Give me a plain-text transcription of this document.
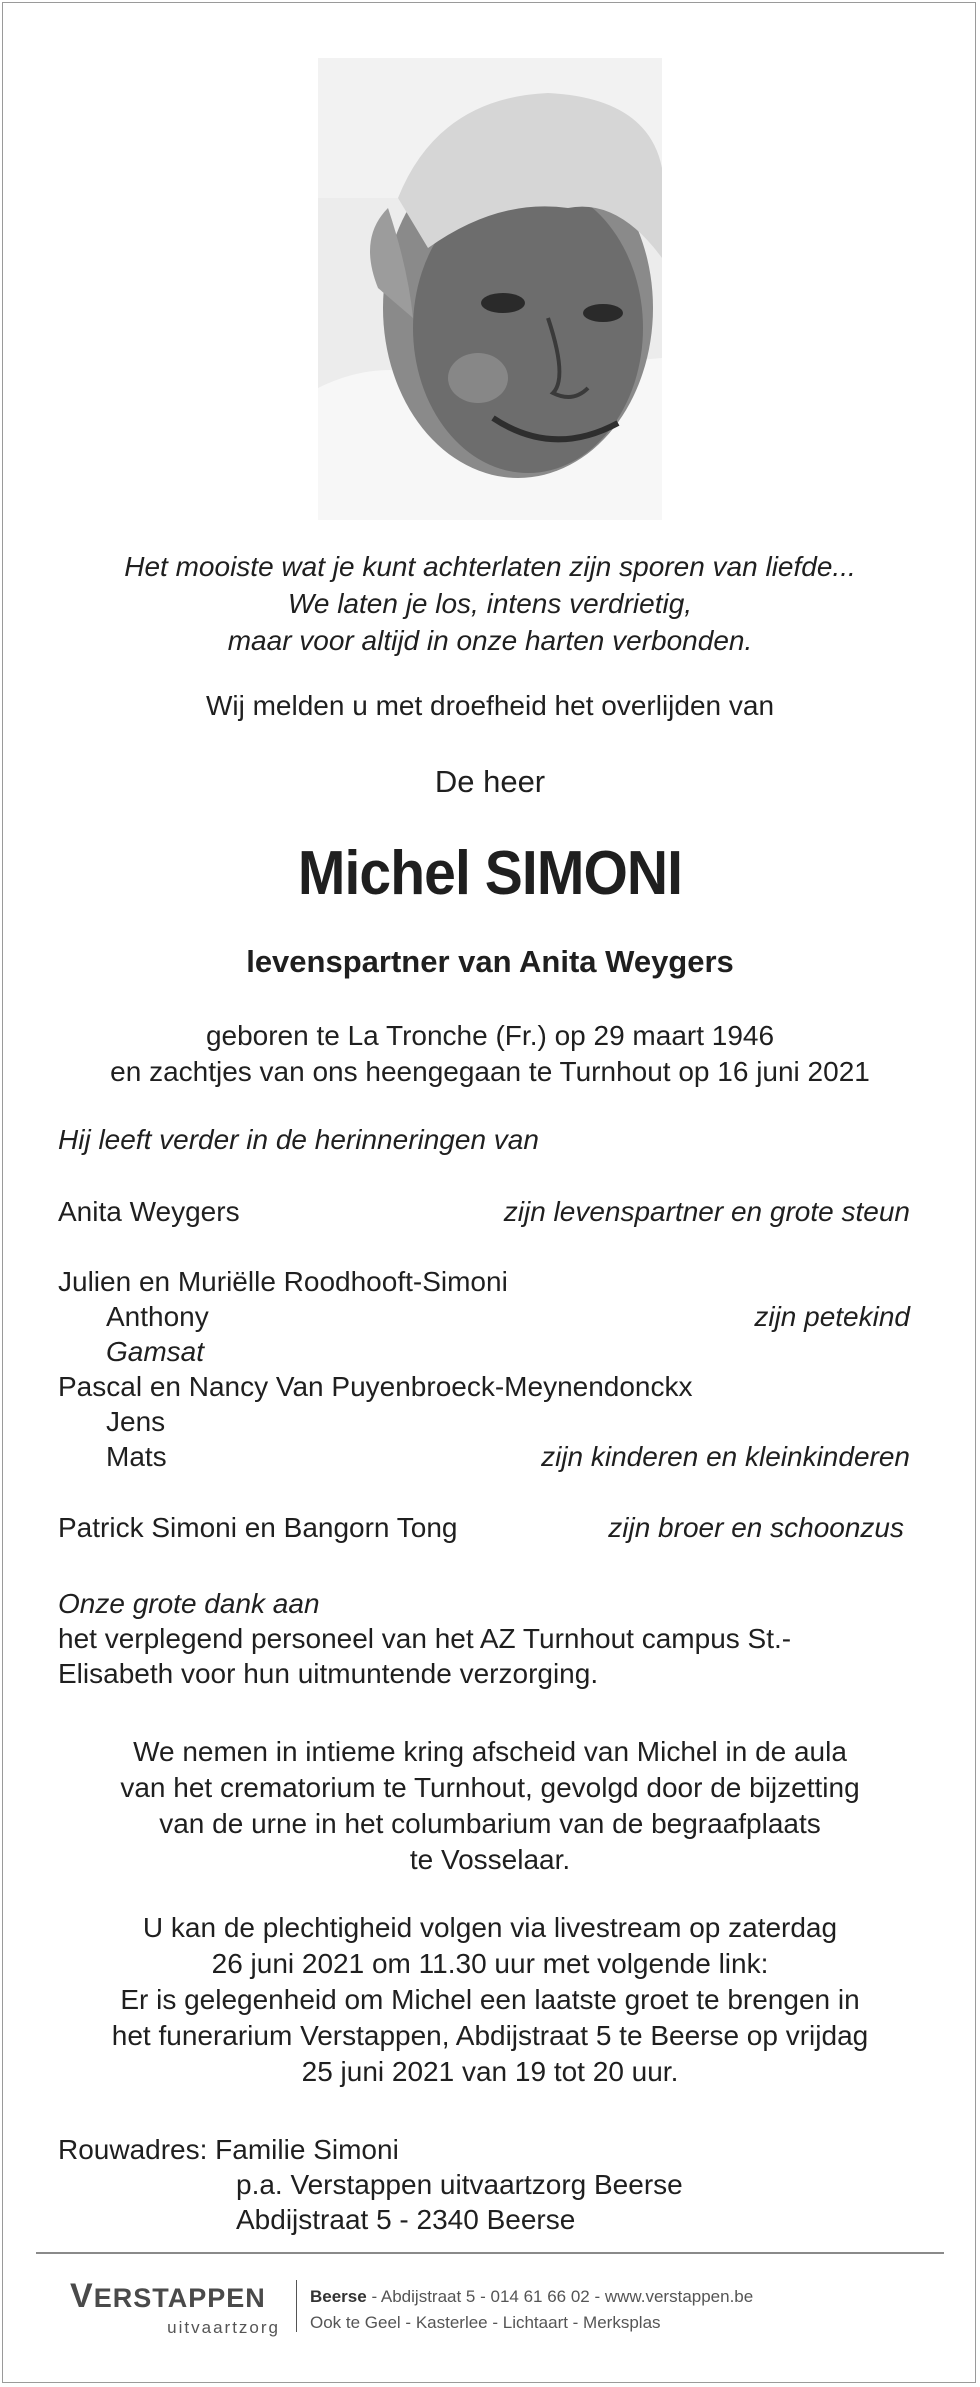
Het mooiste wat je kunt achterlaten zijn sporen van liefde...
We laten je los, intens verdrietig,
maar voor altijd in onze harten verbonden.
Wij melden u met droefheid het overlijden van
De heer
Michel SIMONI
levenspartner van Anita Weygers
geboren te La Tronche (Fr.) op 29 maart 1946
en zachtjes van ons heengegaan te Turnhout op 16 juni 2021
Hij leeft verder in de herinneringen van
Anita Weygers	zijn levenspartner en grote steun
Julien en Muriëlle Roodhooft-Simoni
Anthony	zijn petekind
Gamsat
Pascal en Nancy Van Puyenbroeck-Meynendonckx
Jens
Mats	zijn kinderen en kleinkinderen
Patrick Simoni en Bangorn Tong	zijn broer en schoonzus
Onze grote dank aan
het verplegend personeel van het AZ Turnhout campus St.-
Elisabeth voor hun uitmuntende verzorging.
We nemen in intieme kring afscheid van Michel in de aula
van het crematorium te Turnhout, gevolgd door de bijzetting
van de urne in het columbarium van de begraafplaats
te Vosselaar.
U kan de plechtigheid volgen via livestream op zaterdag
26 juni 2021 om 11.30 uur met volgende link:
Er is gelegenheid om Michel een laatste groet te brengen in
het funerarium Verstappen, Abdijstraat 5 te Beerse op vrijdag
25 juni 2021 van 19 tot 20 uur.
Rouwadres: Familie Simoni
p.a. Verstappen uitvaartzorg Beerse
Abdijstraat 5 - 2340 Beerse
VERSTAPPEN
uitvaartzorg
Beerse - Abdijstraat 5 - 014 61 66 02 - www.verstappen.be
Ook te Geel - Kasterlee - Lichtaart - Merksplas
